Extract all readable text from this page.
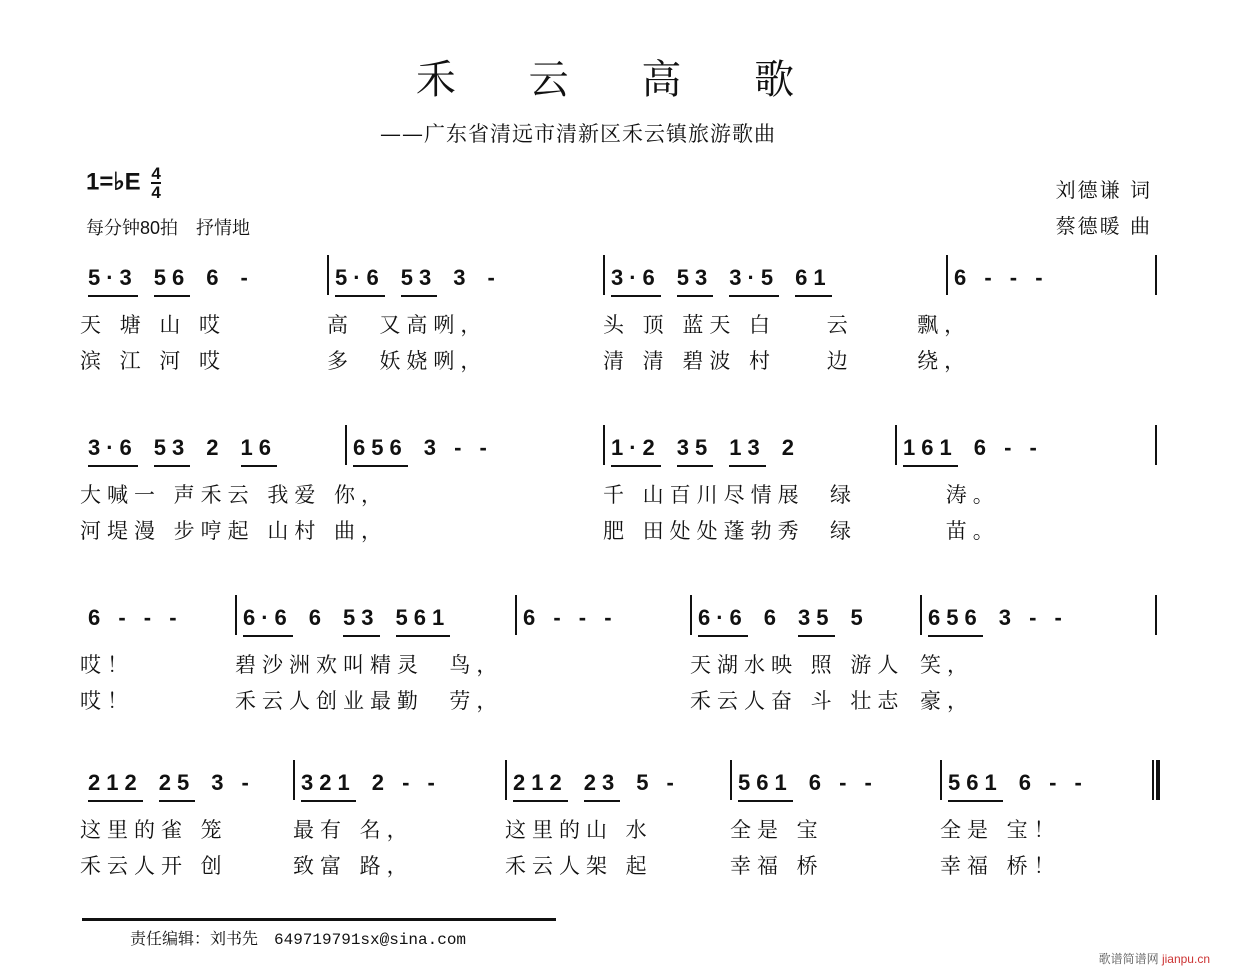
禾 云 高 歌
——广东省清远市清新区禾云镇旅游歌曲
1=♭E $\frac{4}{4}$
每分钟80拍　抒情地
刘德谦 词
蔡德暖 曲
5·3 56 6 -
天 塘 山 哎
滨 江 河 哎
5·6 53 3 -
高  又高咧，
多  妖娆咧，
3·6 53 3·5 61
头 顶 蓝天 白    云     飘，
清 清 碧波 村    边     绕，
6 - - -
3·6 53 2 16
大喊一 声禾云 我爱 你，
河堤漫 步哼起 山村 曲，
656 3 - -	1·2 35 13 2
千 山百川尽情展  绿
肥 田处处蓬勃秀  绿
161 6 - -
涛。
苗。
6 - - -
哎！
哎！
6·6 6 53 561
碧沙洲欢叫精灵  鸟，
禾云人创业最勤  劳，
6 - - -	6·6 6 35 5
天湖水映 照 游人
禾云人奋 斗 壮志
656 3 - -
笑，
豪，
212 25 3 -
这里的雀 笼
禾云人开 创
321 2 - -
最有 名，
致富 路，
212 23 5 -
这里的山 水
禾云人架 起
561 6 - -
全是 宝
幸福 桥
561 6 - -
全是 宝！
幸福 桥！
责任编辑：刘书先　649719791sx@sina.com
歌谱简谱网 jianpu.cn
